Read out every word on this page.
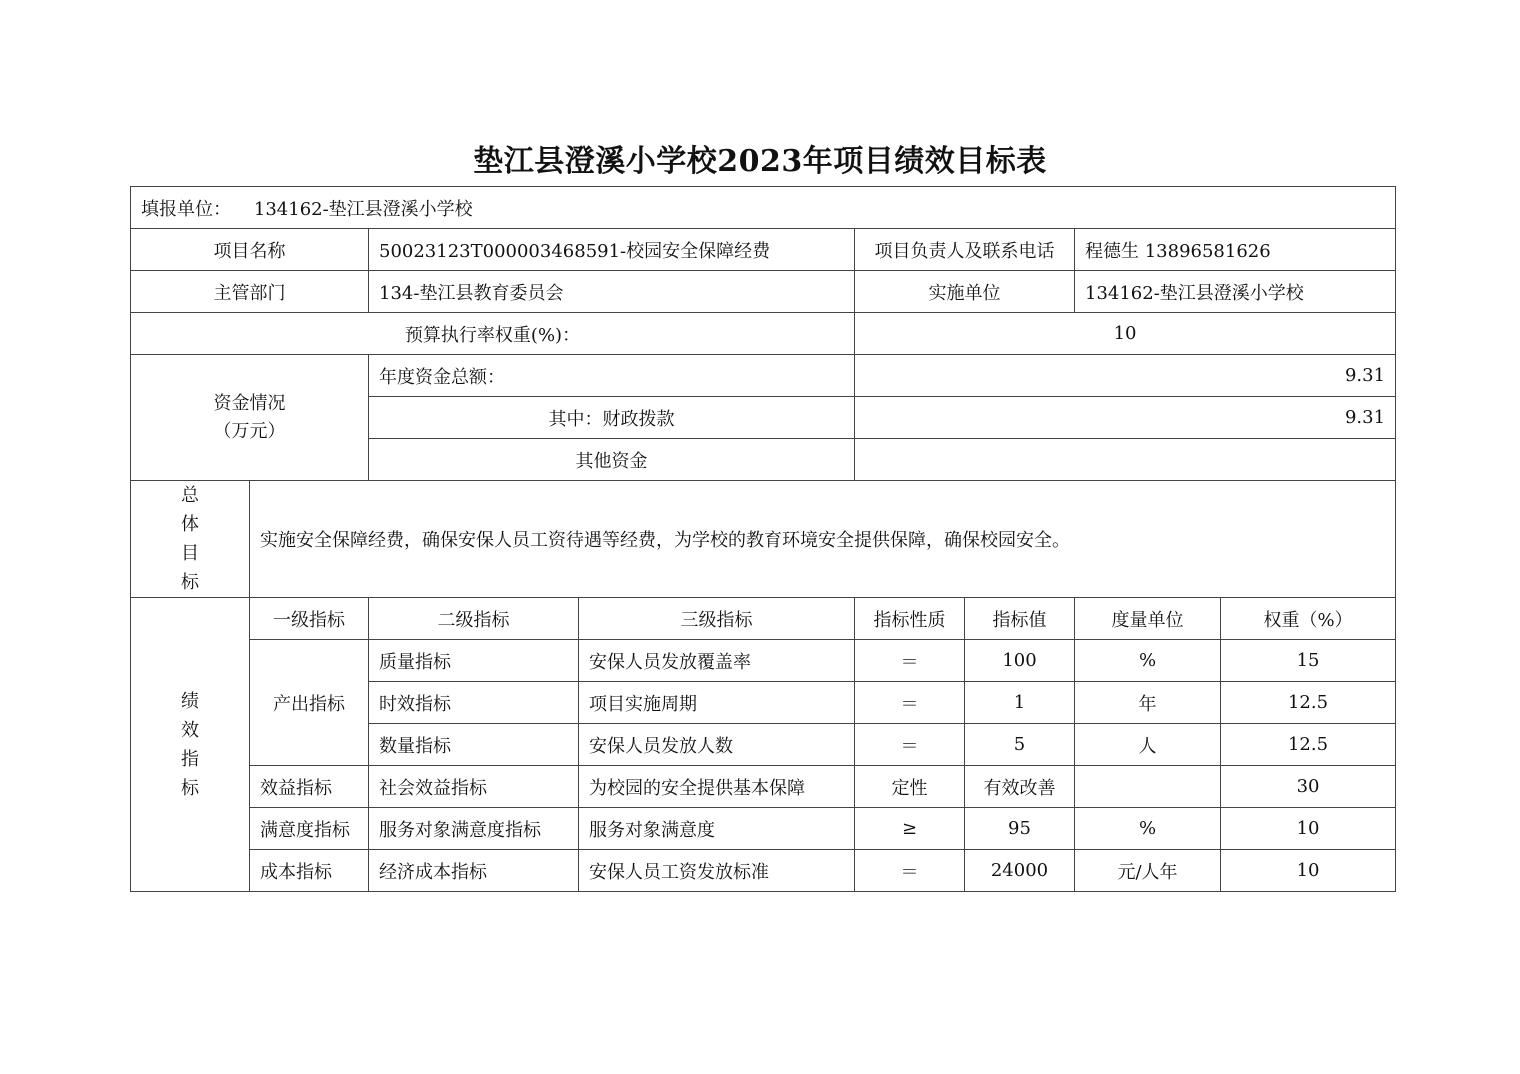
垫江县澄溪小学校2023年项目绩效目标表
填报单位： 134162-垫江县澄溪小学校							
项目名称		50023123T000003468591-校园安全保障经费		项目负责人及联系电话		程德生 13896581626	
主管部门		134-垫江县教育委员会		实施单位		134162-垫江县澄溪小学校	
预算执行率权重(%)：				10			

资金情况
（万元）		年度资金总额：		9.31			
		其中：财政拨款		9.31			
		其他资金					

总
体
目
标	实施安全保障经费，确保安保人员工资待遇等经费，为学校的教育环境安全提供保障，确保校园安全。						

绩
效
指
标	一级指标	二级指标	三级指标	指标性质	指标值	度量单位	权重（%）
	产出指标	质量指标	安保人员发放覆盖率	＝	100	%	15
		时效指标	项目实施周期	＝	1	年	12.5
		数量指标	安保人员发放人数	＝	5	人	12.5
	效益指标	社会效益指标	为校园的安全提供基本保障	定性	有效改善		30
	满意度指标	服务对象满意度指标	服务对象满意度	≥	95	%	10
	成本指标	经济成本指标	安保人员工资发放标准	＝	24000	元/人年	10
